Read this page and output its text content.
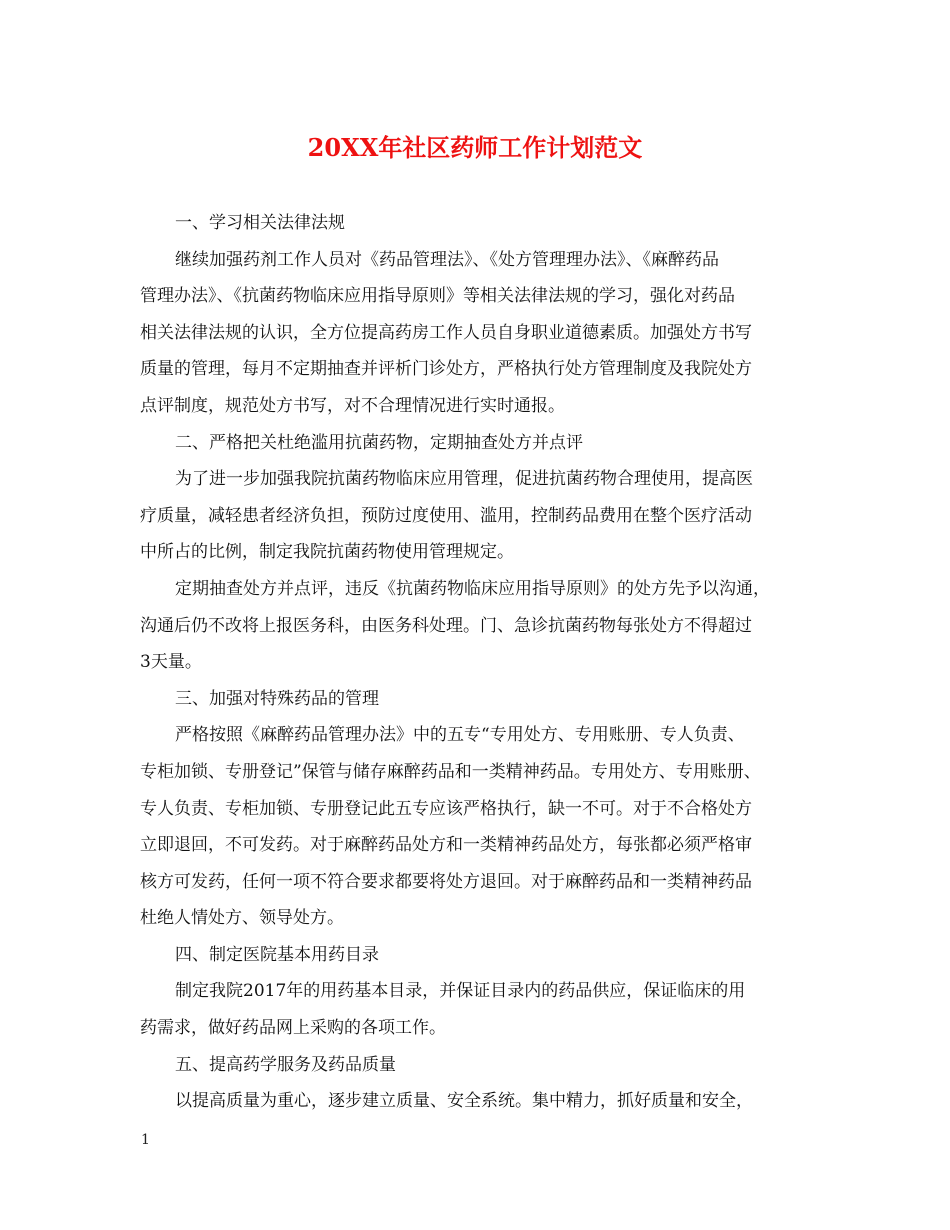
20XX年社区药师工作计划范文

一、学习相关法律法规

继续加强药剂工作人员对《药品管理法》、《处方管理理办法》、《麻醉药品

管理办法》、《抗菌药物临床应用指导原则》等相关法律法规的学习，强化对药品

相关法律法规的认识，全方位提高药房工作人员自身职业道德素质。加强处方书写

质量的管理，每月不定期抽查并评析门诊处方，严格执行处方管理制度及我院处方

点评制度，规范处方书写，对不合理情况进行实时通报。

二、严格把关杜绝滥用抗菌药物，定期抽查处方并点评

为了进一步加强我院抗菌药物临床应用管理，促进抗菌药物合理使用，提高医

疗质量，减轻患者经济负担，预防过度使用、滥用，控制药品费用在整个医疗活动

中所占的比例，制定我院抗菌药物使用管理规定。

定期抽查处方并点评，违反《抗菌药物临床应用指导原则》的处方先予以沟通，

沟通后仍不改将上报医务科，由医务科处理。门、急诊抗菌药物每张处方不得超过

3天量。

三、加强对特殊药品的管理

严格按照《麻醉药品管理办法》中的五专“专用处方、专用账册、专人负责、

专柜加锁、专册登记”保管与储存麻醉药品和一类精神药品。专用处方、专用账册、

专人负责、专柜加锁、专册登记此五专应该严格执行，缺一不可。对于不合格处方

立即退回，不可发药。对于麻醉药品处方和一类精神药品处方，每张都必须严格审

核方可发药，任何一项不符合要求都要将处方退回。对于麻醉药品和一类精神药品

杜绝人情处方、领导处方。

四、制定医院基本用药目录

制定我院2017年的用药基本目录，并保证目录内的药品供应，保证临床的用

药需求，做好药品网上采购的各项工作。

五、提高药学服务及药品质量

以提高质量为重心，逐步建立质量、安全系统。集中精力，抓好质量和安全，

1
